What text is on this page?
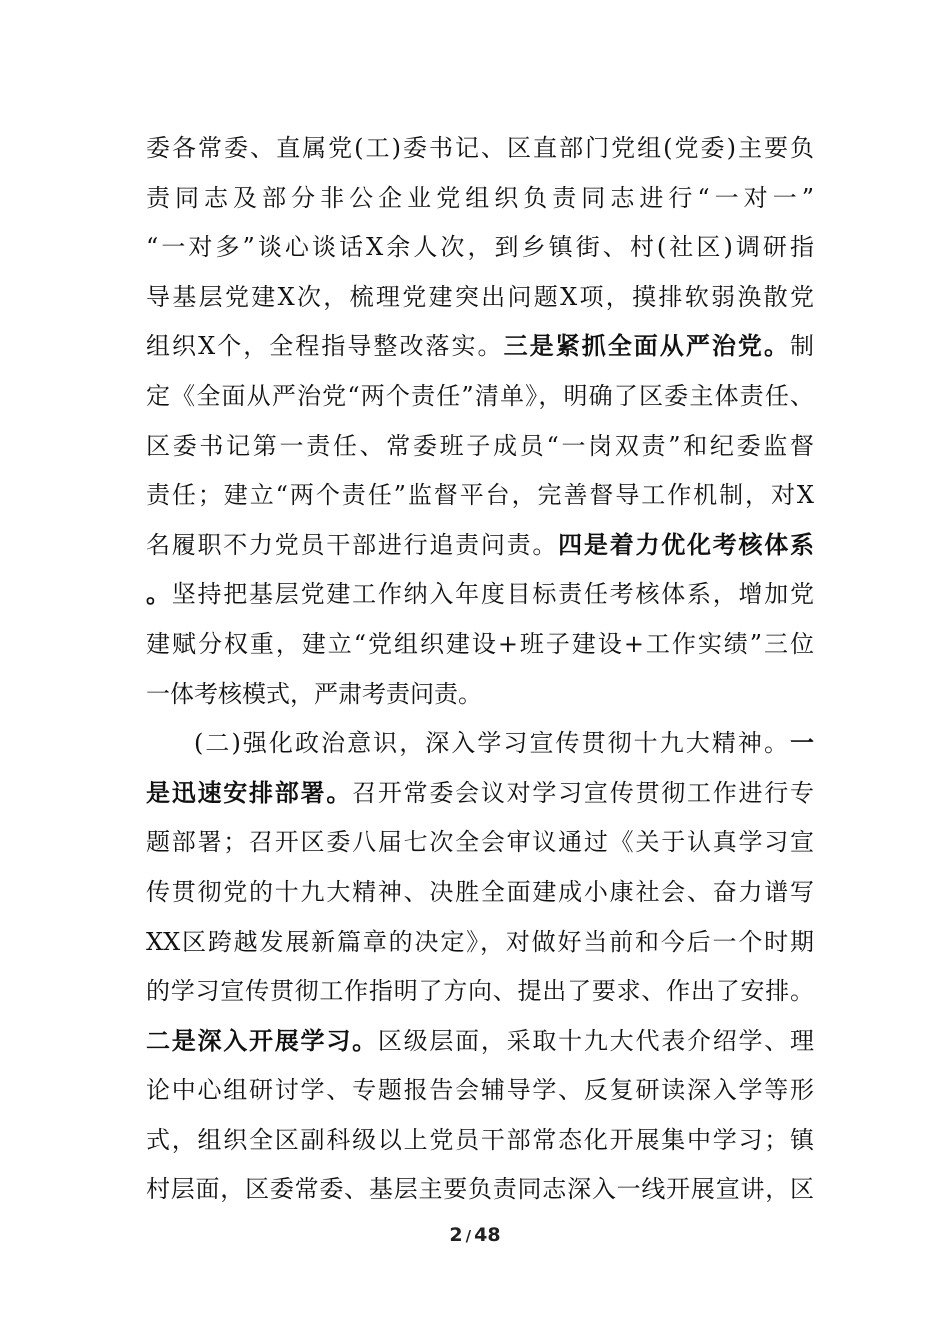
委各常委、直属党(工)委书记、区直部门党组(党委)主要负
责同志及部分非公企业党组织负责同志进行“一对一”
“一对多”谈心谈话X余人次，到乡镇街、村(社区)调研指
导基层党建X次，梳理党建突出问题X项，摸排软弱涣散党
组织X个，全程指导整改落实。三是紧抓全面从严治党。制
定《全面从严治党“两个责任”清单》，明确了区委主体责任、
区委书记第一责任、常委班子成员“一岗双责”和纪委监督
责任；建立“两个责任”监督平台，完善督导工作机制，对X
名履职不力党员干部进行追责问责。四是着力优化考核体系
。坚持把基层党建工作纳入年度目标责任考核体系，增加党
建赋分权重，建立“党组织建设+班子建设+工作实绩”三位
一体考核模式，严肃考责问责。
(二)强化政治意识，深入学习宣传贯彻十九大精神。一
是迅速安排部署。召开常委会议对学习宣传贯彻工作进行专
题部署；召开区委八届七次全会审议通过《关于认真学习宣
传贯彻党的十九大精神、决胜全面建成小康社会、奋力谱写
XX区跨越发展新篇章的决定》，对做好当前和今后一个时期
的学习宣传贯彻工作指明了方向、提出了要求、作出了安排。
二是深入开展学习。区级层面，采取十九大代表介绍学、理
论中心组研讨学、专题报告会辅导学、反复研读深入学等形
式，组织全区副科级以上党员干部常态化开展集中学习；镇
村层面，区委常委、基层主要负责同志深入一线开展宣讲，区
2 / 48
